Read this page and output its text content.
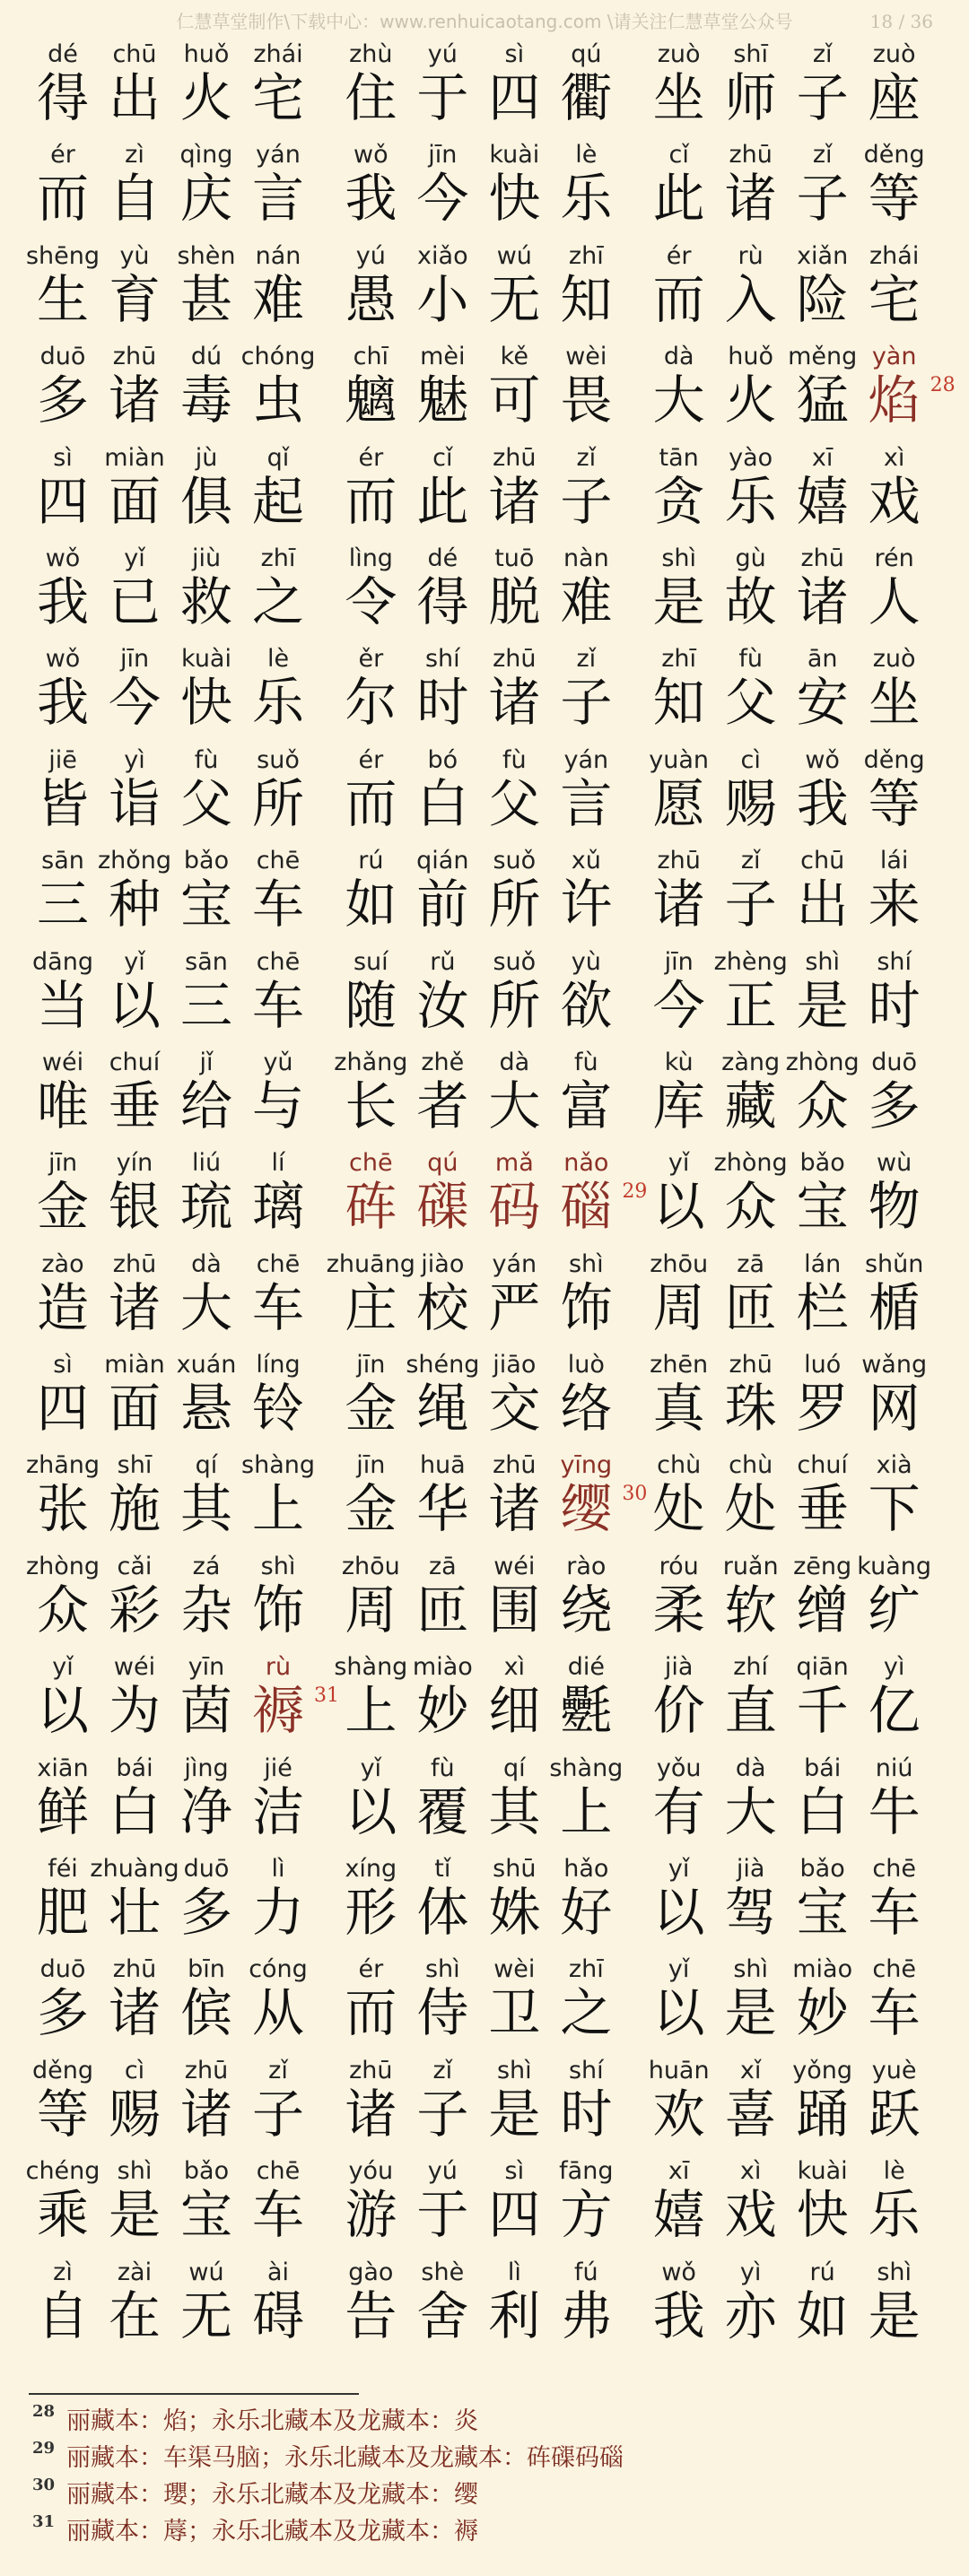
仁慧草堂制作\下载中心：www.renhuicaotang.com \请关注仁慧草堂公众号	18 / 36
dé
得
chū
出
huǒ
火
zhái
宅
zhù
住
yú
于
sì
四
qú
衢
zuò
坐
shī
师
zǐ
子
zuò
座
ér
而
zì
自
qìng
庆
yán
言
wǒ
我
jīn
今
kuài
快
lè
乐
cǐ
此
zhū
诸
zǐ
子
děng
等
shēng
生
yù
育
shèn
甚
nán
难
yú
愚
xiǎo
小
wú
无
zhī
知
ér
而
rù
入
xiǎn
险
zhái
宅
duō
多
zhū
诸
dú
毒
chóng
虫
chī
魑
mèi
魅
kě
可
wèi
畏
dà
大
huǒ
火
měng
猛
yàn
焰 28
sì
四
miàn
面
jù
俱
qǐ
起
ér
而
cǐ
此
zhū
诸
zǐ
子
tān
贪
yào
乐
xī
嬉
xì
戏
wǒ
我
yǐ
已
jiù
救
zhī
之
lìng
令
dé
得
tuō
脱
nàn
难
shì
是
gù
故
zhū
诸
rén
人
wǒ
我
jīn
今
kuài
快
lè
乐
ěr
尔
shí
时
zhū
诸
zǐ
子
zhī
知
fù
父
ān
安
zuò
坐
jiē
皆
yì
诣
fù
父
suǒ
所
ér
而
bó
白
fù
父
yán
言
yuàn
愿
cì
赐
wǒ
我
děng
等
sān
三
zhǒng
种
bǎo
宝
chē
车
rú
如
qián
前
suǒ
所
xǔ
许
zhū
诸
zǐ
子
chū
出
lái
来
dāng
当
yǐ
以
sān
三
chē
车
suí
随
rǔ
汝
suǒ
所
yù
欲
jīn
今
zhèng
正
shì
是
shí
时
wéi
唯
chuí
垂
jǐ
给
yǔ
与
zhǎng
长
zhě
者
dà
大
fù
富
kù
库
zàng
藏
zhòng
众
duō
多
jīn
金
yín
银
liú
琉
lí
璃
chē
砗
qú
磲
mǎ
码
nǎo
碯 29
yǐ
以
zhòng
众
bǎo
宝
wù
物
zào
造
zhū
诸
dà
大
chē
车
zhuāng
庄
jiào
校
yán
严
shì
饰
zhōu
周
zā
匝
lán
栏
shǔn
楯
sì
四
miàn
面
xuán
悬
líng
铃
jīn
金
shéng
绳
jiāo
交
luò
络
zhēn
真
zhū
珠
luó
罗
wǎng
网
zhāng
张
shī
施
qí
其
shàng
上
jīn
金
huā
华
zhū
诸
yīng
缨 30
chù
处
chù
处
chuí
垂
xià
下
zhòng
众
cǎi
彩
zá
杂
shì
饰
zhōu
周
zā
匝
wéi
围
rào
绕
róu
柔
ruǎn
软
zēng
缯
kuàng
纩
yǐ
以
wéi
为
yīn
茵
rù
褥 31
shàng
上
miào
妙
xì
细
dié
氎
jià
价
zhí
直
qiān
千
yì
亿
xiān
鲜
bái
白
jìng
净
jié
洁
yǐ
以
fù
覆
qí
其
shàng
上
yǒu
有
dà
大
bái
白
niú
牛
féi
肥
zhuàng
壮
duō
多
lì
力
xíng
形
tǐ
体
shū
姝
hǎo
好
yǐ
以
jià
驾
bǎo
宝
chē
车
duō
多
zhū
诸
bīn
傧
cóng
从
ér
而
shì
侍
wèi
卫
zhī
之
yǐ
以
shì
是
miào
妙
chē
车
děng
等
cì
赐
zhū
诸
zǐ
子
zhū
诸
zǐ
子
shì
是
shí
时
huān
欢
xǐ
喜
yǒng
踊
yuè
跃
chéng
乘
shì
是
bǎo
宝
chē
车
yóu
游
yú
于
sì
四
fāng
方
xī
嬉
xì
戏
kuài
快
lè
乐
zì
自
zài
在
wú
无
ài
碍
gào
告
shè
舍
lì
利
fú
弗
wǒ
我
yì
亦
rú
如
shì
是
28 丽藏本：焰；永乐北藏本及龙藏本：炎
29 丽藏本：车渠马脑；永乐北藏本及龙藏本：砗磲码碯
30 丽藏本：瓔；永乐北藏本及龙藏本：缨
31 丽藏本：蓐；永乐北藏本及龙藏本：褥
